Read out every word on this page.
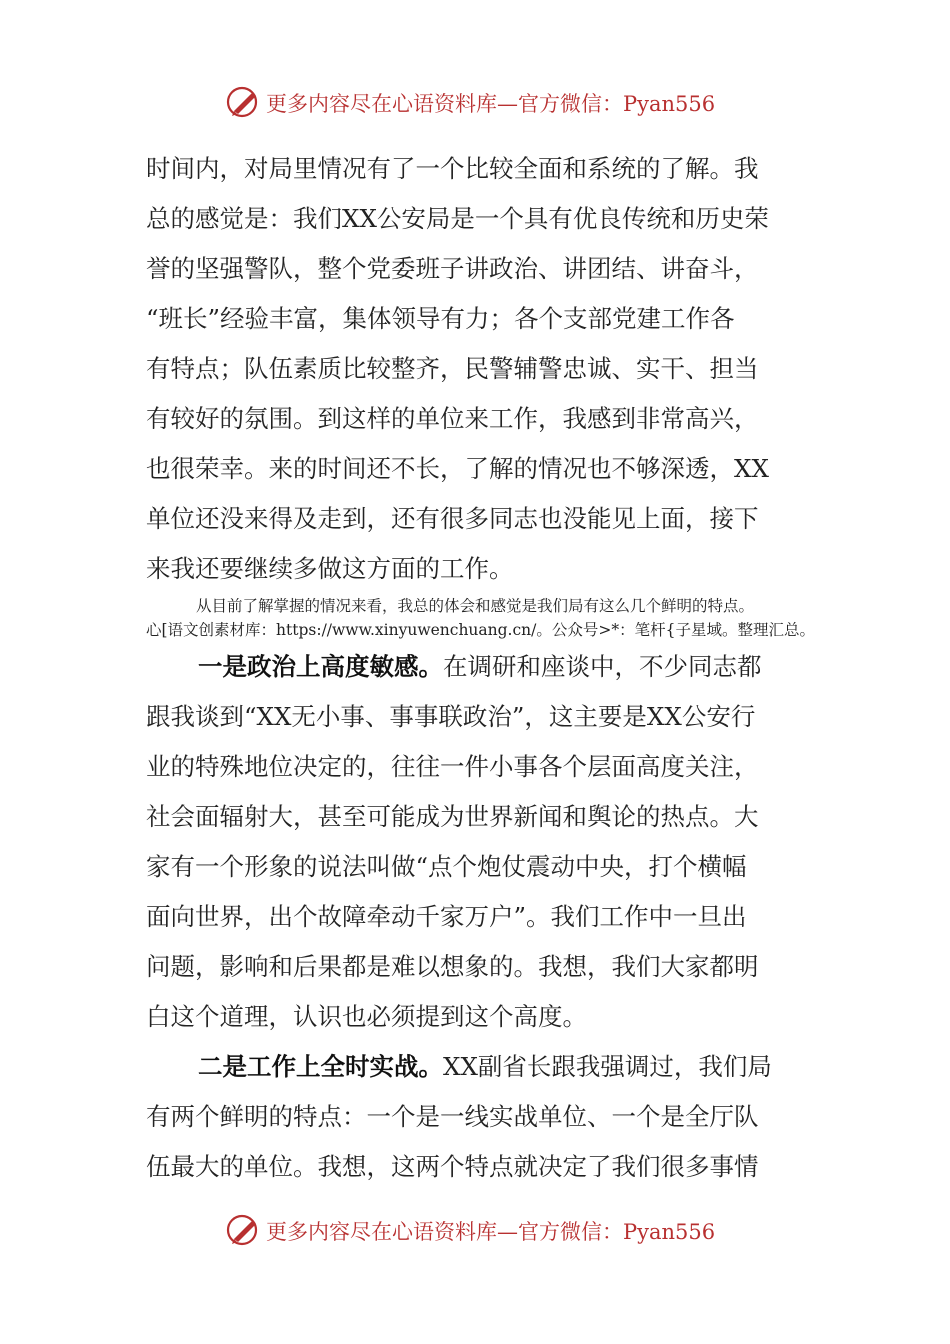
更多内容尽在心语资料库—官方微信：Pyan556
时间内，对局里情况有了一个比较全面和系统的了解。我
总的感觉是：我们XX公安局是一个具有优良传统和历史荣
誉的坚强警队，整个党委班子讲政治、讲团结、讲奋斗，
“班长”经验丰富，集体领导有力；各个支部党建工作各
有特点；队伍素质比较整齐，民警辅警忠诚、实干、担当
有较好的氛围。到这样的单位来工作，我感到非常高兴，
也很荣幸。来的时间还不长，了解的情况也不够深透，XX
单位还没来得及走到，还有很多同志也没能见上面，接下
来我还要继续多做这方面的工作。
一是政治上高度敏感。在调研和座谈中，不少同志都
跟我谈到“XX无小事、事事联政治”，这主要是XX公安行
业的特殊地位决定的，往往一件小事各个层面高度关注，
社会面辐射大，甚至可能成为世界新闻和舆论的热点。大
家有一个形象的说法叫做“点个炮仗震动中央，打个横幅
面向世界，出个故障牵动千家万户”。我们工作中一旦出
问题，影响和后果都是难以想象的。我想，我们大家都明
白这个道理，认识也必须提到这个高度。
二是工作上全时实战。XX副省长跟我强调过，我们局
有两个鲜明的特点：一个是一线实战单位、一个是全厅队
伍最大的单位。我想，这两个特点就决定了我们很多事情
从目前了解掌握的情况来看，我总的体会和感觉是我们局有这么几个鲜明的特点。
心[语文创素材库：https://www.xinyuwenchuang.cn/。公众号>*：笔杆{子星域。整理汇总。
更多内容尽在心语资料库—官方微信：Pyan556
